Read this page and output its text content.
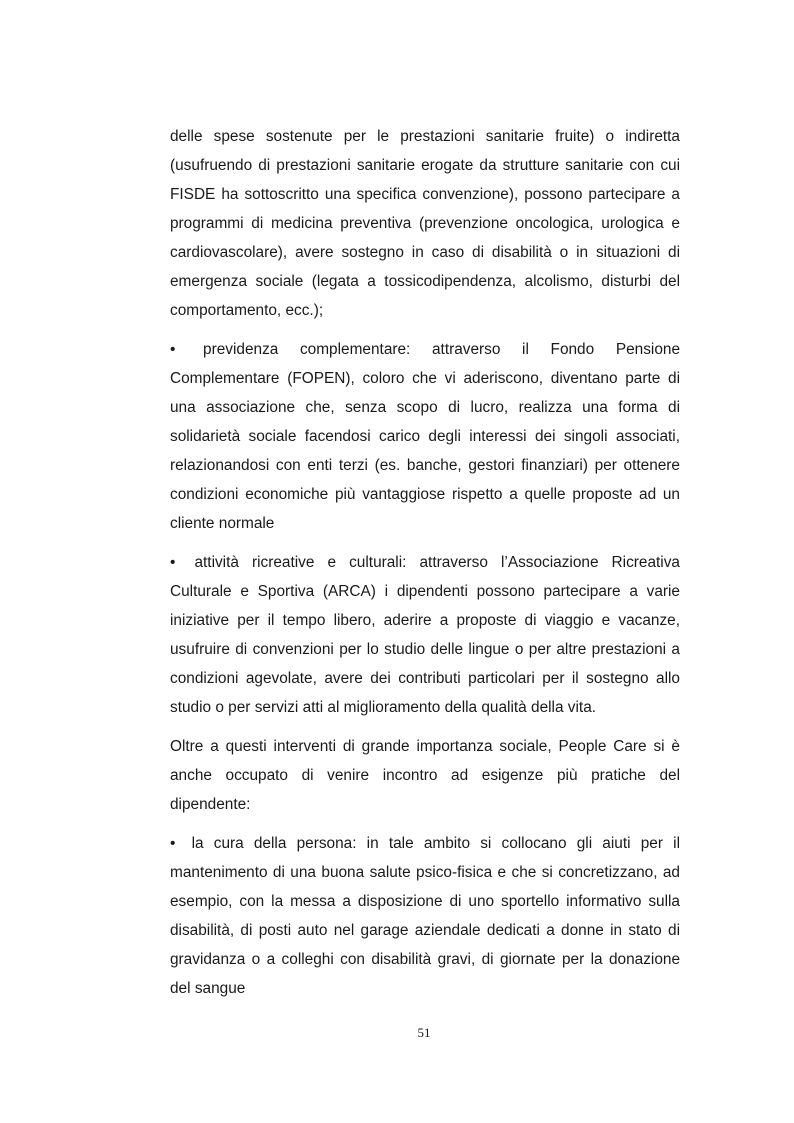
delle spese sostenute per le prestazioni sanitarie fruite) o indiretta (usufruendo di prestazioni sanitarie erogate da strutture sanitarie con cui FISDE ha sottoscritto una specifica convenzione), possono partecipare a programmi di medicina preventiva (prevenzione oncologica, urologica e cardiovascolare), avere sostegno in caso di disabilità o in situazioni di emergenza sociale (legata a tossicodipendenza, alcolismo, disturbi del comportamento, ecc.);

• previdenza complementare: attraverso il Fondo Pensione Complementare (FOPEN), coloro che vi aderiscono, diventano parte di una associazione che, senza scopo di lucro, realizza una forma di solidarietà sociale facendosi carico degli interessi dei singoli associati, relazionandosi con enti terzi (es. banche, gestori finanziari) per ottenere condizioni economiche più vantaggiose rispetto a quelle proposte ad un cliente normale

• attività ricreative e culturali: attraverso l’Associazione Ricreativa Culturale e Sportiva (ARCA) i dipendenti possono partecipare a varie iniziative per il tempo libero, aderire a proposte di viaggio e vacanze, usufruire di convenzioni per lo studio delle lingue o per altre prestazioni a condizioni agevolate, avere dei contributi particolari per il sostegno allo studio o per servizi atti al miglioramento della qualità della vita.

Oltre a questi interventi di grande importanza sociale, People Care si è anche occupato di venire incontro ad esigenze più pratiche del dipendente:

• la cura della persona: in tale ambito si collocano gli aiuti per il mantenimento di una buona salute psico-fisica e che si concretizzano, ad esempio, con la messa a disposizione di uno sportello informativo sulla disabilità, di posti auto nel garage aziendale dedicati a donne in stato di gravidanza o a colleghi con disabilità gravi, di giornate per la donazione del sangue

51
